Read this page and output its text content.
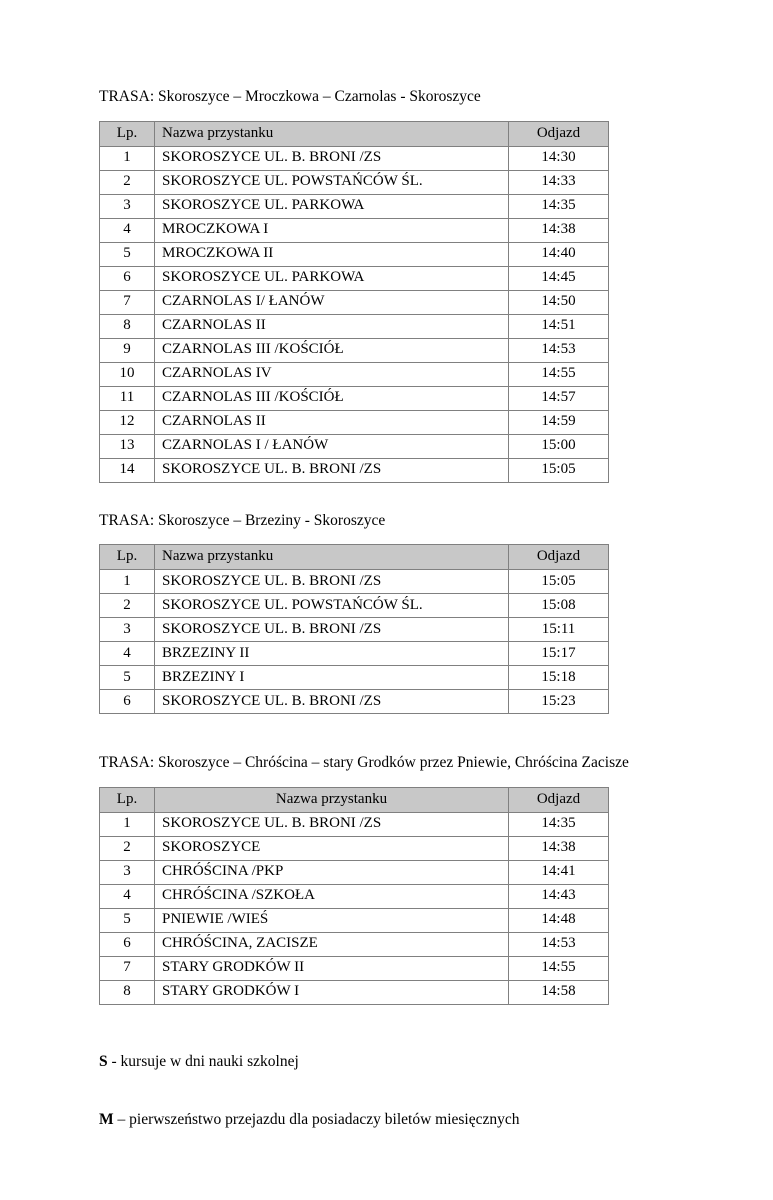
TRASA: Skoroszyce – Mroczkowa – Czarnolas - Skoroszyce
Lp.	Nazwa przystanku	Odjazd
1	SKOROSZYCE UL. B. BRONI /ZS	14:30
2	SKOROSZYCE UL. POWSTAŃCÓW ŚL.	14:33
3	SKOROSZYCE UL. PARKOWA	14:35
4	MROCZKOWA I	14:38
5	MROCZKOWA II	14:40
6	SKOROSZYCE UL. PARKOWA	14:45
7	CZARNOLAS I/ ŁANÓW	14:50
8	CZARNOLAS II	14:51
9	CZARNOLAS III /KOŚCIÓŁ	14:53
10	CZARNOLAS IV	14:55
11	CZARNOLAS III /KOŚCIÓŁ	14:57
12	CZARNOLAS II	14:59
13	CZARNOLAS I / ŁANÓW	15:00
14	SKOROSZYCE UL. B. BRONI /ZS	15:05
TRASA: Skoroszyce – Brzeziny - Skoroszyce
Lp.	Nazwa przystanku	Odjazd
1	SKOROSZYCE UL. B. BRONI /ZS	15:05
2	SKOROSZYCE UL. POWSTAŃCÓW ŚL.	15:08
3	SKOROSZYCE UL. B. BRONI /ZS	15:11
4	BRZEZINY II	15:17
5	BRZEZINY I	15:18
6	SKOROSZYCE UL. B. BRONI /ZS	15:23
TRASA: Skoroszyce – Chróścina – stary Grodków przez Pniewie, Chróścina Zacisze
Lp.	Nazwa przystanku	Odjazd
1	SKOROSZYCE UL. B. BRONI /ZS	14:35
2	SKOROSZYCE	14:38
3	CHRÓŚCINA /PKP	14:41
4	CHRÓŚCINA /SZKOŁA	14:43
5	PNIEWIE /WIEŚ	14:48
6	CHRÓŚCINA, ZACISZE	14:53
7	STARY GRODKÓW II	14:55
8	STARY GRODKÓW I	14:58
S - kursuje w dni nauki szkolnej
M – pierwszeństwo przejazdu dla posiadaczy biletów miesięcznych
